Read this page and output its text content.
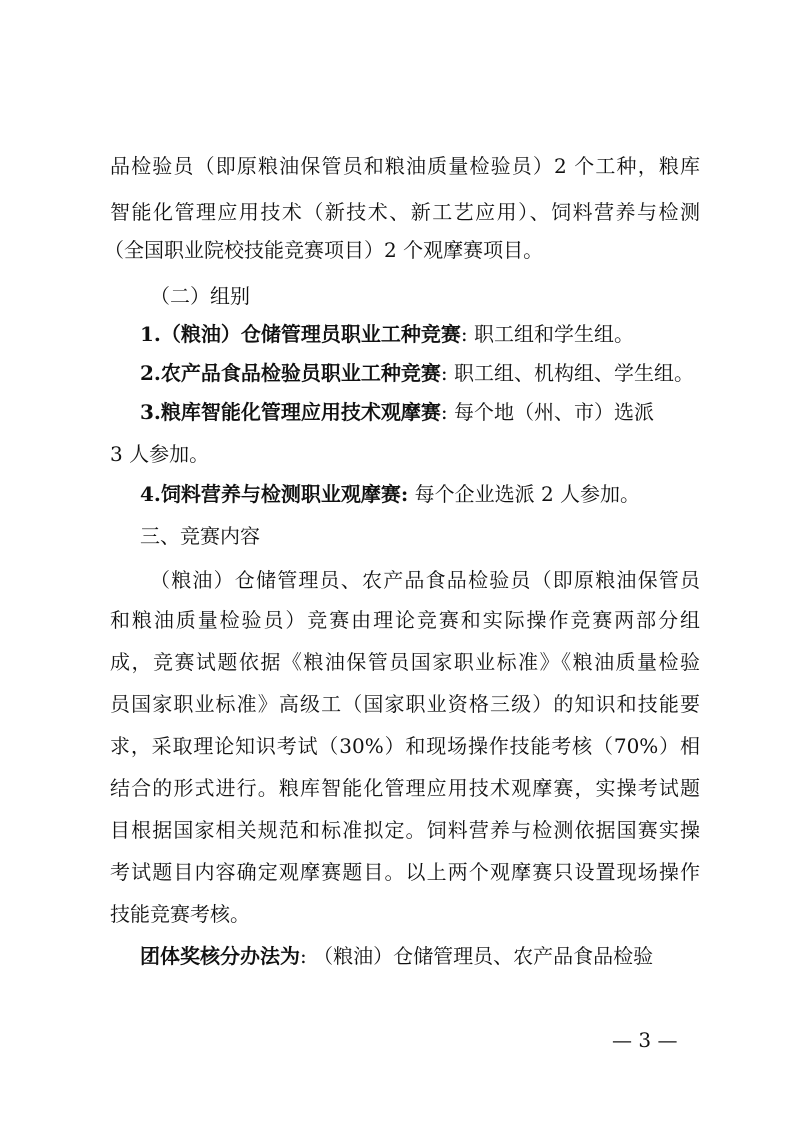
品检验员（即原粮油保管员和粮油质量检验员）2 个工种，粮库
智能化管理应用技术（新技术、新工艺应用）、饲料营养与检测
（全国职业院校技能竞赛项目）2 个观摩赛项目。
（二）组别
1.（粮油）仓储管理员职业工种竞赛: 职工组和学生组。
2.农产品食品检验员职业工种竞赛: 职工组、机构组、学生组。
3.粮库智能化管理应用技术观摩赛: 每个地（州、市）选派
3 人参加。
4.饲料营养与检测职业观摩赛: 每个企业选派 2 人参加。
三、竞赛内容
（粮油）仓储管理员、农产品食品检验员（即原粮油保管员
和粮油质量检验员）竞赛由理论竞赛和实际操作竞赛两部分组
成，竞赛试题依据《粮油保管员国家职业标准》《粮油质量检验
员国家职业标准》高级工（国家职业资格三级）的知识和技能要
求，采取理论知识考试（30%）和现场操作技能考核（70%）相
结合的形式进行。粮库智能化管理应用技术观摩赛，实操考试题
目根据国家相关规范和标准拟定。饲料营养与检测依据国赛实操
考试题目内容确定观摩赛题目。以上两个观摩赛只设置现场操作
技能竞赛考核。
团体奖核分办法为: （粮油）仓储管理员、农产品食品检验
— 3 —
